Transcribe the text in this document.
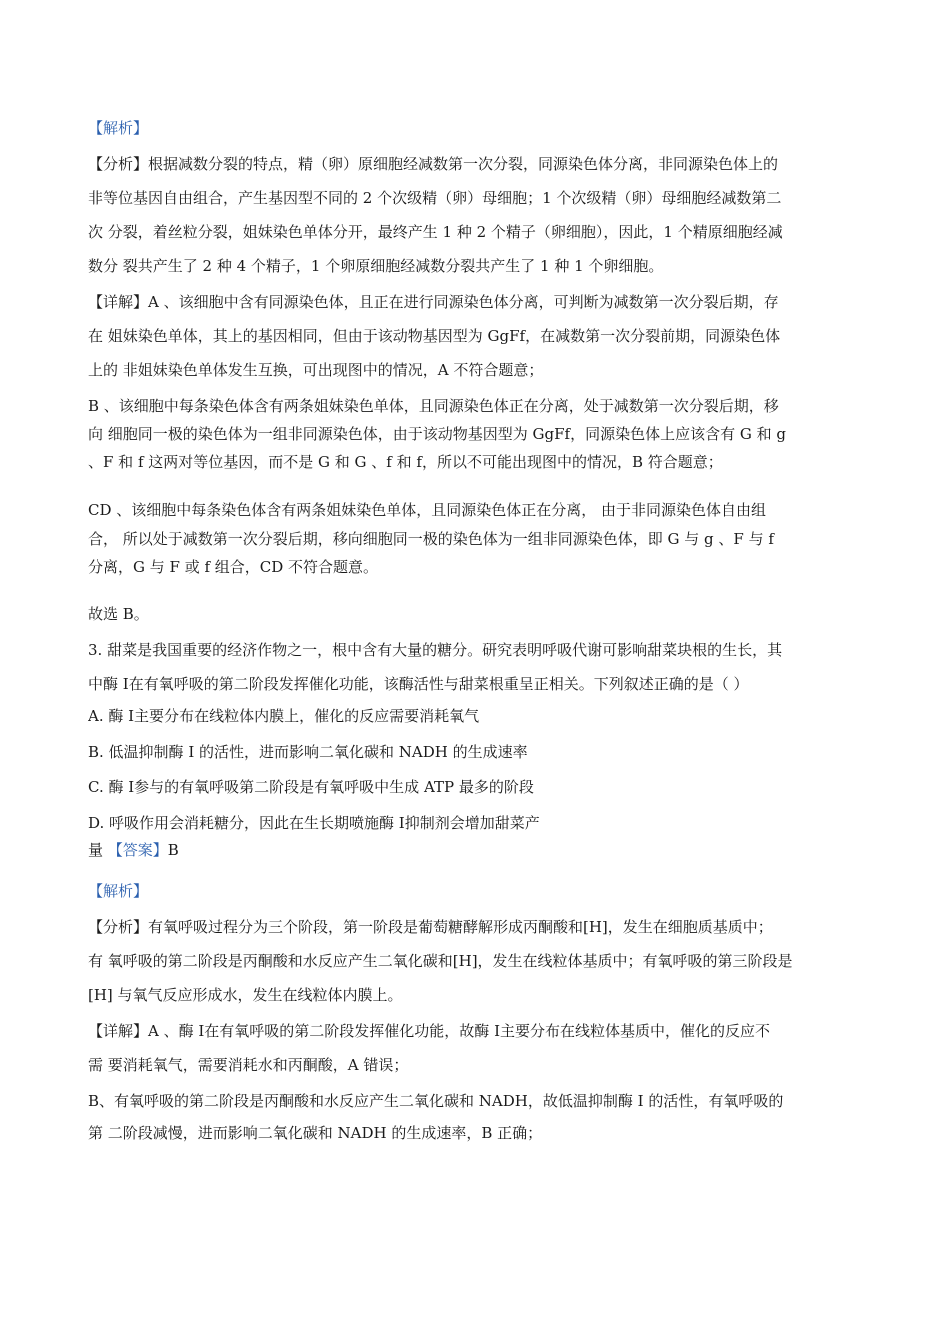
【解析】
【分析】根据减数分裂的特点，精（卵）原细胞经减数第一次分裂，同源染色体分离，非同源染色体上的
非等位基因自由组合，产生基因型不同的 2 个次级精（卵）母细胞；1 个次级精（卵）母细胞经减数第二
次 分裂，着丝粒分裂，姐妹染色单体分开，最终产生 1 种 2 个精子（卵细胞），因此，1 个精原细胞经减
数分 裂共产生了 2 种 4 个精子，1 个卵原细胞经减数分裂共产生了 1 种 1 个卵细胞。
【详解】A 、该细胞中含有同源染色体，且正在进行同源染色体分离，可判断为减数第一次分裂后期，存
在 姐妹染色单体，其上的基因相同，但由于该动物基因型为 GgFf，在减数第一次分裂前期，同源染色体
上的 非姐妹染色单体发生互换，可出现图中的情况，A 不符合题意；
B 、该细胞中每条染色体含有两条姐妹染色单体，且同源染色体正在分离，处于减数第一次分裂后期，移
向 细胞同一极的染色体为一组非同源染色体，由于该动物基因型为 GgFf，同源染色体上应该含有 G 和 g
、F 和 f 这两对等位基因，而不是 G 和 G 、f 和 f，所以不可能出现图中的情况，B 符合题意；
CD 、该细胞中每条染色体含有两条姐妹染色单体，且同源染色体正在分离， 由于非同源染色体自由组
合， 所以处于减数第一次分裂后期，移向细胞同一极的染色体为一组非同源染色体，即 G 与 g 、F 与 f
分离，G 与 F 或 f 组合，CD 不符合题意。
故选 B。
3. 甜菜是我国重要的经济作物之一，根中含有大量的糖分。研究表明呼吸代谢可影响甜菜块根的生长，其
中酶 Ⅰ在有氧呼吸的第二阶段发挥催化功能，该酶活性与甜菜根重呈正相关。下列叙述正确的是（ ）
A. 酶 Ⅰ主要分布在线粒体内膜上，催化的反应需要消耗氧气
B. 低温抑制酶 Ⅰ 的活性，进而影响二氧化碳和 NADH 的生成速率
C. 酶 Ⅰ参与的有氧呼吸第二阶段是有氧呼吸中生成 ATP 最多的阶段
D. 呼吸作用会消耗糖分，因此在生长期喷施酶 Ⅰ抑制剂会增加甜菜产
量 【答案】B
【解析】
【分析】有氧呼吸过程分为三个阶段，第一阶段是葡萄糖酵解形成丙酮酸和[H]，发生在细胞质基质中；
有 氧呼吸的第二阶段是丙酮酸和水反应产生二氧化碳和[H]，发生在线粒体基质中；有氧呼吸的第三阶段是
[H] 与氧气反应形成水，发生在线粒体内膜上。
【详解】A 、酶 Ⅰ在有氧呼吸的第二阶段发挥催化功能，故酶 Ⅰ主要分布在线粒体基质中，催化的反应不
需 要消耗氧气，需要消耗水和丙酮酸，A 错误；
B、有氧呼吸的第二阶段是丙酮酸和水反应产生二氧化碳和 NADH，故低温抑制酶 Ⅰ 的活性，有氧呼吸的
第 二阶段减慢，进而影响二氧化碳和 NADH 的生成速率，B 正确；
